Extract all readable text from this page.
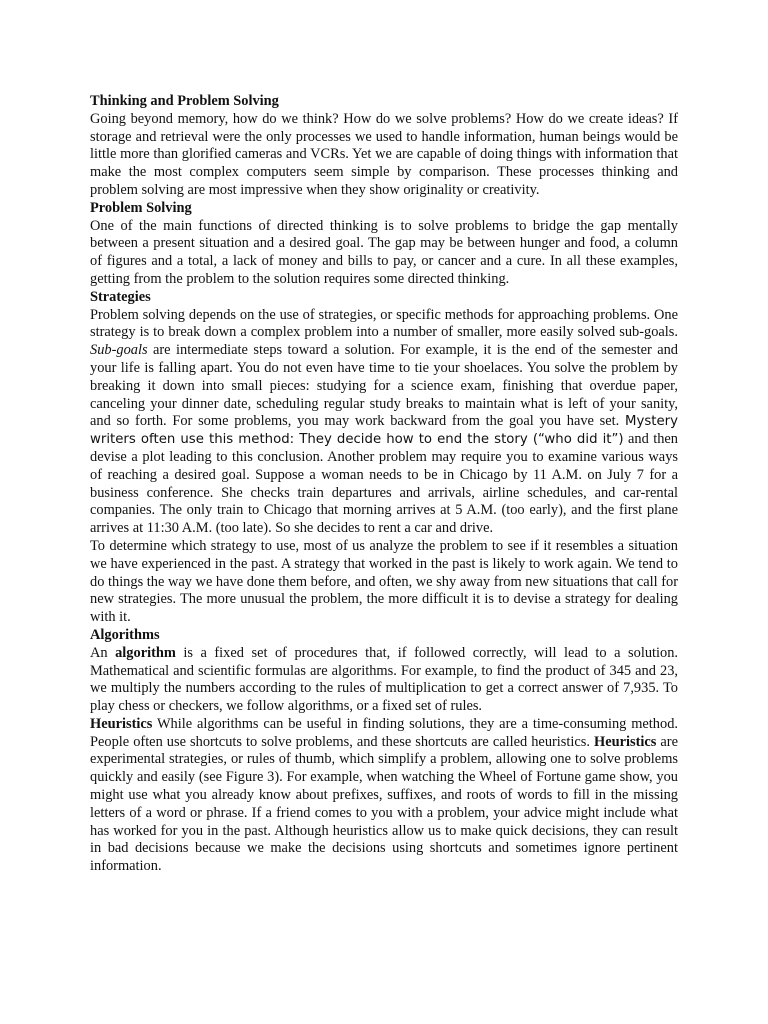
Thinking and Problem Solving

Going beyond memory, how do we think? How do we solve problems? How do we create ideas? If storage and retrieval were the only processes we used to handle information, human beings would be little more than glorified cameras and VCRs. Yet we are capable of doing things with information that make the most complex computers seem simple by comparison. These processes thinking and problem solving are most impressive when they show originality or creativity.

Problem Solving

One of the main functions of directed thinking is to solve problems to bridge the gap mentally between a present situation and a desired goal. The gap may be between hunger and food, a column of figures and a total, a lack of money and bills to pay, or cancer and a cure. In all these examples, getting from the problem to the solution requires some directed thinking.

Strategies

Problem solving depends on the use of strategies, or specific methods for approaching problems. One strategy is to break down a complex problem into a number of smaller, more easily solved sub-goals. Sub-goals are intermediate steps toward a solution. For example, it is the end of the semester and your life is falling apart. You do not even have time to tie your shoelaces. You solve the problem by breaking it down into small pieces: studying for a science exam, finishing that overdue paper, canceling your dinner date, scheduling regular study breaks to maintain what is left of your sanity, and so forth. For some problems, you may work backward from the goal you have set. Mystery writers often use this method: They decide how to end the story (“who did it”) and then devise a plot leading to this conclusion. Another problem may require you to examine various ways of reaching a desired goal. Suppose a woman needs to be in Chicago by 11 A.M. on July 7 for a business conference. She checks train departures and arrivals, airline schedules, and car-rental companies. The only train to Chicago that morning arrives at 5 A.M. (too early), and the first plane arrives at 11:30 A.M. (too late). So she decides to rent a car and drive.

To determine which strategy to use, most of us analyze the problem to see if it resembles a situation we have experienced in the past. A strategy that worked in the past is likely to work again. We tend to do things the way we have done them before, and often, we shy away from new situations that call for new strategies. The more unusual the problem, the more difficult it is to devise a strategy for dealing with it.

Algorithms

An algorithm is a fixed set of procedures that, if followed correctly, will lead to a solution. Mathematical and scientific formulas are algorithms. For example, to find the product of 345 and 23, we multiply the numbers according to the rules of multiplication to get a correct answer of 7,935. To play chess or checkers, we follow algorithms, or a fixed set of rules.

Heuristics While algorithms can be useful in finding solutions, they are a time-consuming method. People often use shortcuts to solve problems, and these shortcuts are called heuristics. Heuristics are experimental strategies, or rules of thumb, which simplify a problem, allowing one to solve problems quickly and easily (see Figure 3). For example, when watching the Wheel of Fortune game show, you might use what you already know about prefixes, suffixes, and roots of words to fill in the missing letters of a word or phrase. If a friend comes to you with a problem, your advice might include what has worked for you in the past. Although heuristics allow us to make quick decisions, they can result in bad decisions because we make the decisions using shortcuts and sometimes ignore pertinent information.
